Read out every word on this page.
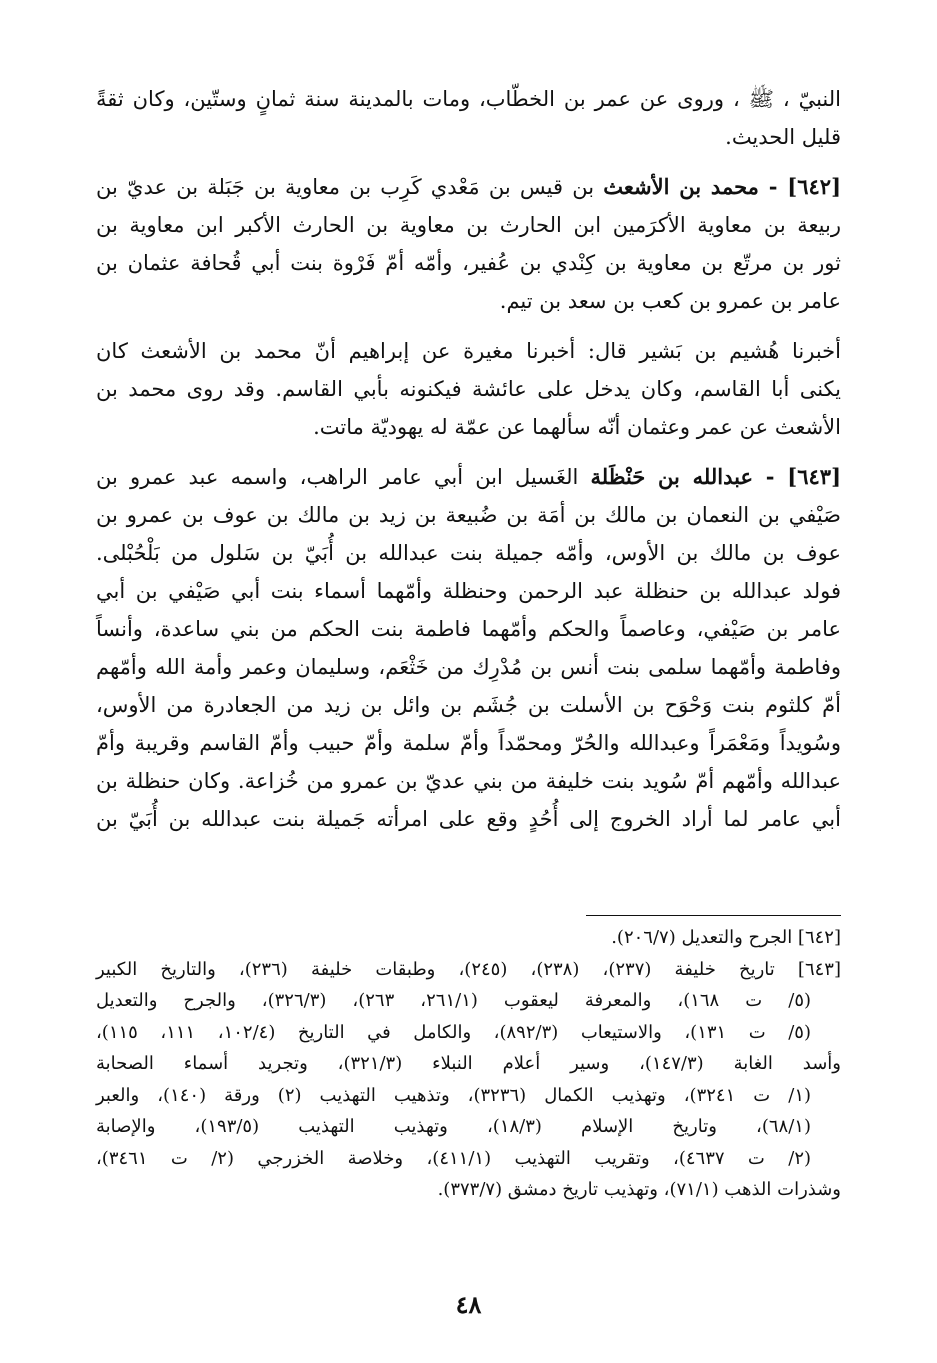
النبيّ ، ﷺ ، وروى عن عمر بن الخطّاب، ومات بالمدينة سنة ثمانٍ وستّين، وكان ثقةً
قليل الحديث.
[٦٤٢] - محمد بن الأشعث بن قيس بن مَعْدي كَرِب بن معاوية بن جَبَلة بن عديّ بن
ربيعة بن معاوية الأكرَمين ابن الحارث بن معاوية بن الحارث الأكبر ابن معاوية بن
ثور بن مرتّع بن معاوية بن كِنْدي بن عُفير، وأمّه أمّ فَرْوة بنت أبي قُحافة عثمان بن
عامر بن عمرو بن كعب بن سعد بن تيم.
أخبرنا هُشيم بن بَشير قال: أخبرنا مغيرة عن إبراهيم أنّ محمد بن الأشعث كان
يكنى أبا القاسم، وكان يدخل على عائشة فيكنونه بأبي القاسم. وقد روى محمد بن
الأشعث عن عمر وعثمان أنّه سألهما عن عمّة له يهوديّة ماتت.
[٦٤٣] - عبدالله بن حَنْظَلة الغَسيل ابن أبي عامر الراهب، واسمه عبد عمرو بن
صَيْفي بن النعمان بن مالك بن أمَة بن ضُبيعة بن زيد بن مالك بن عوف بن عمرو بن
عوف بن مالك بن الأوس، وأمّه جميلة بنت عبدالله بن أُبَيّ بن سَلول من بَلْحُبْلى.
فولد عبدالله بن حنظلة عبد الرحمن وحنظلة وأمّهما أسماء بنت أبي صَيْفي بن أبي
عامر بن صَيْفي، وعاصماً والحكم وأمّهما فاطمة بنت الحكم من بني ساعدة، وأنساً
وفاطمة وأمّهما سلمى بنت أنس بن مُدْرِك من خَثْعَم، وسليمان وعمر وأمة الله وأمّهم
أمّ كلثوم بنت وَحْوَح بن الأسلت بن جُشَم بن وائل بن زيد من الجعادرة من الأوس،
وسُويداً ومَعْمَراً وعبدالله والحُرّ ومحمّداً وأمّ سلمة وأمّ حبيب وأمّ القاسم وقريبة وأمّ
عبدالله وأمّهم أمّ سُويد بنت خليفة من بني عديّ بن عمرو من خُزاعة. وكان حنظلة بن
أبي عامر لما أراد الخروج إلى أُحُدٍ وقع على امرأته جَميلة بنت عبدالله بن أُبَيّ بن
[٦٤٢] الجرح والتعديل (٢٠٦/٧).
[٦٤٣] تاريخ خليفة (٢٣٧)، (٢٣٨)، (٢٤٥)، وطبقات خليفة (٢٣٦)، والتاريخ الكبير
(٥/ ت ١٦٨)، والمعرفة ليعقوب (٢٦١/١، ٢٦٣)، (٣٢٦/٣)، والجرح والتعديل
(٥/ ت ١٣١)، والاستيعاب (٨٩٢/٣)، والكامل في التاريخ (١٠٢/٤، ١١١، ١١٥)،
وأسد الغابة (١٤٧/٣)، وسير أعلام النبلاء (٣٢١/٣)، وتجريد أسماء الصحابة
(١/ ت ٣٢٤١)، وتهذيب الكمال (٣٢٣٦)، وتذهيب التهذيب (٢) ورقة (١٤٠)، والعبر
(٦٨/١)، وتاريخ الإسلام (١٨/٣)، وتهذيب التهذيب (١٩٣/٥)، والإصابة
(٢/ ت ٤٦٣٧)، وتقريب التهذيب (٤١١/١)، وخلاصة الخزرجي (٢/ ت ٣٤٦١)،
وشذرات الذهب (٧١/١)، وتهذيب تاريخ دمشق (٣٧٣/٧).
٤٨
